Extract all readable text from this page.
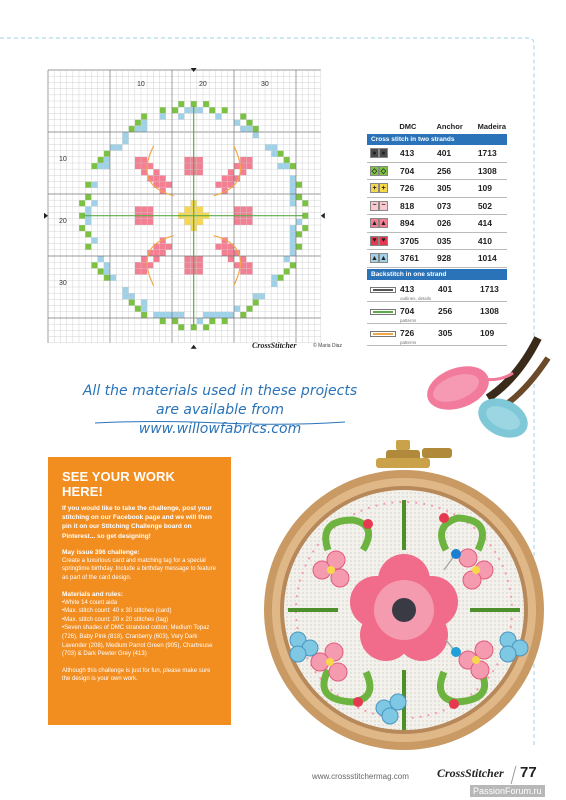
10	20	30
10
20
30
CrossStitcher	© Maria Diaz
DMC	Anchor	Madeira
Cross stitch in two strands
● ● 413	401	1713
◇ ◇ 704	256	1308
+ + 726	305	109
~ ~ 818	073	502
▲ ▲ 894	026	414
♥ ♥ 3705	035	410
▲ ▲ 3761	928	1014
Backstitch in one strand
413	401	1713
outlines, details
704	256	1308
patterns
726	305	109
patterns
All the materials used in these projects
are available from www.willowfabrics.com
SEE YOUR WORK HERE!

If you would like to take the challenge, post your stitching on our Facebook page and we will then pin it on our Stitching Challenge board on Pinterest... so get designing!

May issue 396 challenge:
Create a luxurious card and matching tag for a special springtime birthday. Include a birthday message to feature as part of the card design.
Materials and rules:
• White 14 count aida
• Max. stitch count: 40 x 30 stitches (card)
• Max. stitch count: 20 x 20 stitches (tag)
• Seven shades of DMC stranded cotton; Medium Topaz (726), Baby Pink (818), Cranberry (603), Very Dark Lavender (208), Medium Parrot Green (905), Chartreuse (703) & Dark Pewter Grey (413)
Although this challenge is just for fun, please make sure the design is your own work.
www.crossstitchermag.com CrossStitcher 77
PassionForum.ru
